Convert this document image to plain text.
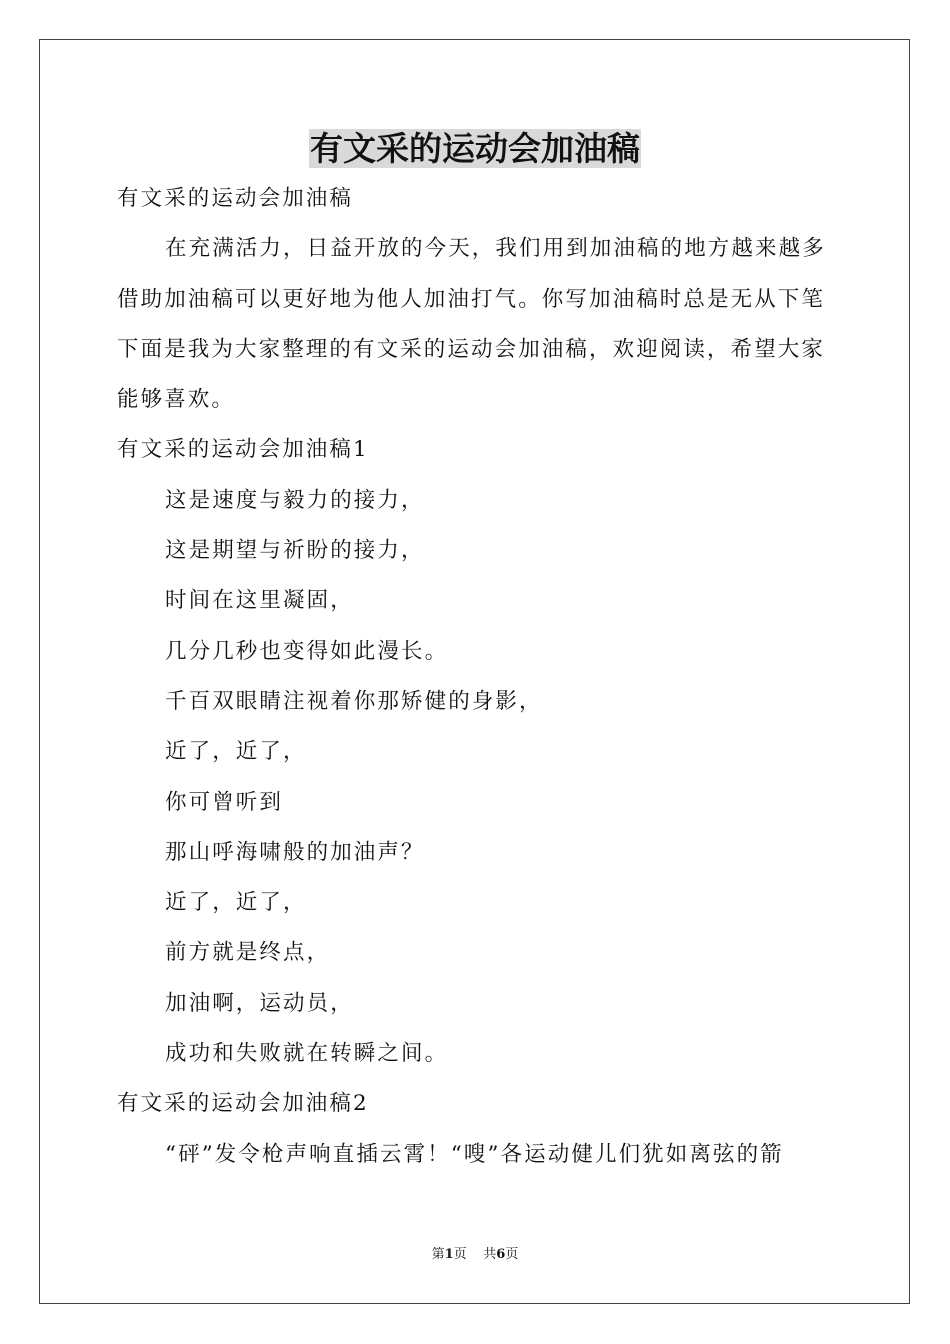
有文采的运动会加油稿

有文采的运动会加油稿

在充满活力，日益开放的今天，我们用到加油稿的地方越来越多

借助加油稿可以更好地为他人加油打气。你写加油稿时总是无从下笔

下面是我为大家整理的有文采的运动会加油稿，欢迎阅读，希望大家

能够喜欢。

有文采的运动会加油稿1

这是速度与毅力的接力，

这是期望与祈盼的接力，

时间在这里凝固，

几分几秒也变得如此漫长。

千百双眼睛注视着你那矫健的身影，

近了，近了，

你可曾听到

那山呼海啸般的加油声？

近了，近了，

前方就是终点，

加油啊，运动员，

成功和失败就在转瞬之间。

有文采的运动会加油稿2

“砰”发令枪声响直插云霄！“嗖”各运动健儿们犹如离弦的箭

第1页 共6页
